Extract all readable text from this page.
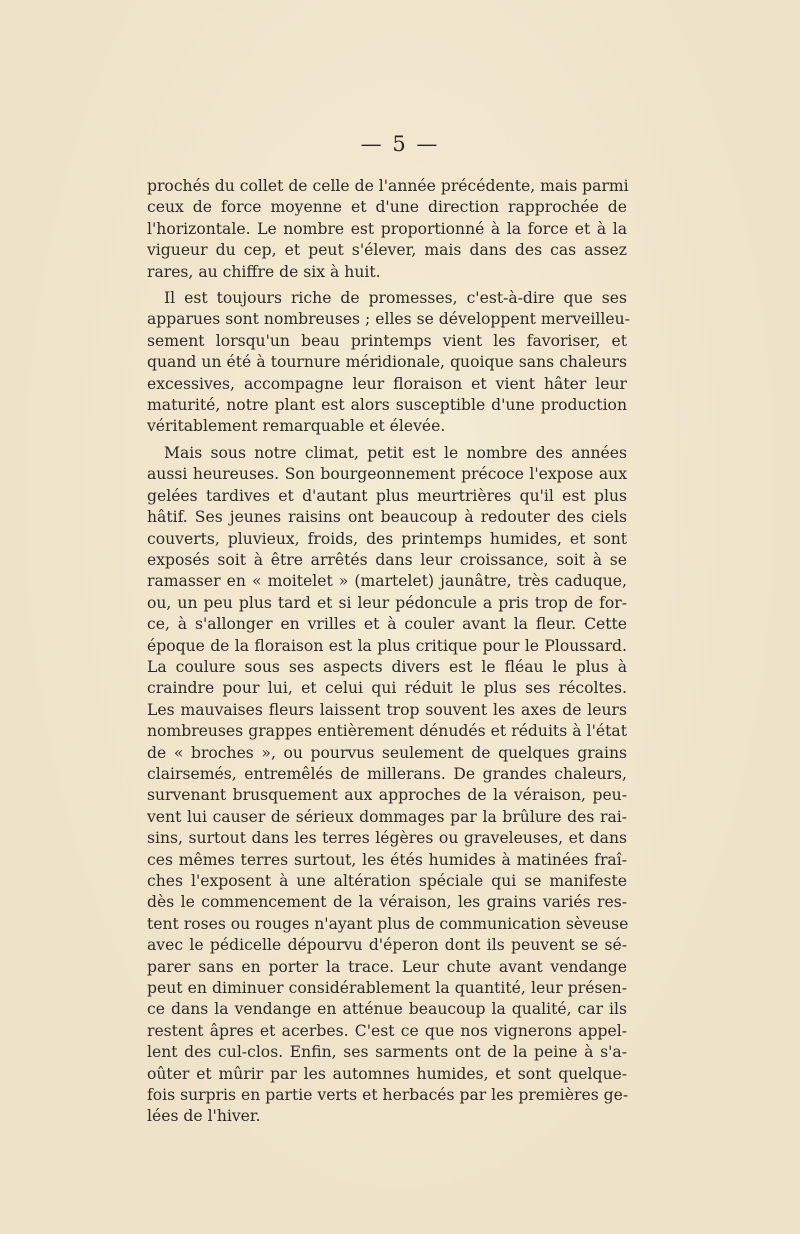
— 5 —

prochés du collet de celle de l'année précédente, mais parmi
ceux de force moyenne et d'une direction rapprochée de
l'horizontale. Le nombre est proportionné à la force et à la
vigueur du cep, et peut s'élever, mais dans des cas assez
rares, au chiffre de six à huit.

Il est toujours riche de promesses, c'est-à-dire que ses
apparues sont nombreuses ; elles se développent merveilleu-
sement lorsqu'un beau printemps vient les favoriser, et
quand un été à tournure méridionale, quoique sans chaleurs
excessives, accompagne leur floraison et vient hâter leur
maturité, notre plant est alors susceptible d'une production
véritablement remarquable et élevée.

Mais sous notre climat, petit est le nombre des années
aussi heureuses. Son bourgeonnement précoce l'expose aux
gelées tardives et d'autant plus meurtrières qu'il est plus
hâtif. Ses jeunes raisins ont beaucoup à redouter des ciels
couverts, pluvieux, froids, des printemps humides, et sont
exposés soit à être arrêtés dans leur croissance, soit à se
ramasser en « moitelet » (martelet) jaunâtre, très caduque,
ou, un peu plus tard et si leur pédoncule a pris trop de for-
ce, à s'allonger en vrilles et à couler avant la fleur. Cette
époque de la floraison est la plus critique pour le Ploussard.
La coulure sous ses aspects divers est le fléau le plus à
craindre pour lui, et celui qui réduit le plus ses récoltes.
Les mauvaises fleurs laissent trop souvent les axes de leurs
nombreuses grappes entièrement dénudés et réduits à l'état
de « broches », ou pourvus seulement de quelques grains
clairsemés, entremêlés de millerans. De grandes chaleurs,
survenant brusquement aux approches de la véraison, peu-
vent lui causer de sérieux dommages par la brûlure des rai-
sins, surtout dans les terres légères ou graveleuses, et dans
ces mêmes terres surtout, les étés humides à matinées fraî-
ches l'exposent à une altération spéciale qui se manifeste
dès le commencement de la véraison, les grains variés res-
tent roses ou rouges n'ayant plus de communication sèveuse
avec le pédicelle dépourvu d'éperon dont ils peuvent se sé-
parer sans en porter la trace. Leur chute avant vendange
peut en diminuer considérablement la quantité, leur présen-
ce dans la vendange en atténue beaucoup la qualité, car ils
restent âpres et acerbes. C'est ce que nos vignerons appel-
lent des cul-clos. Enfin, ses sarments ont de la peine à s'a-
oûter et mûrir par les automnes humides, et sont quelque-
fois surpris en partie verts et herbacés par les premières ge-
lées de l'hiver.
